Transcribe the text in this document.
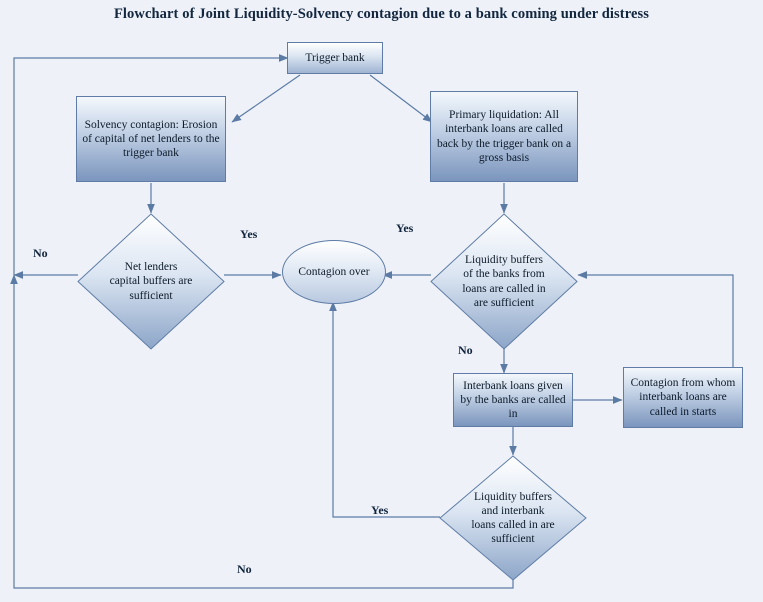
Flowchart of Joint Liquidity-Solvency contagion due to a bank coming under distress
Trigger bank
Solvency contagion: Erosion of capital of net lenders to the trigger bank
Primary liquidation: All interbank loans are called back by the trigger bank on a gross basis
Net lenders capital buffers are sufficient
Liquidity buffers of the banks from loans are called in are sufficient
Contagion over
Interbank loans given by the banks are called in
Contagion from whom interbank loans are called in starts
Liquidity buffers and interbank loans called in are sufficient
Yes
No
Yes
No
Yes
No
